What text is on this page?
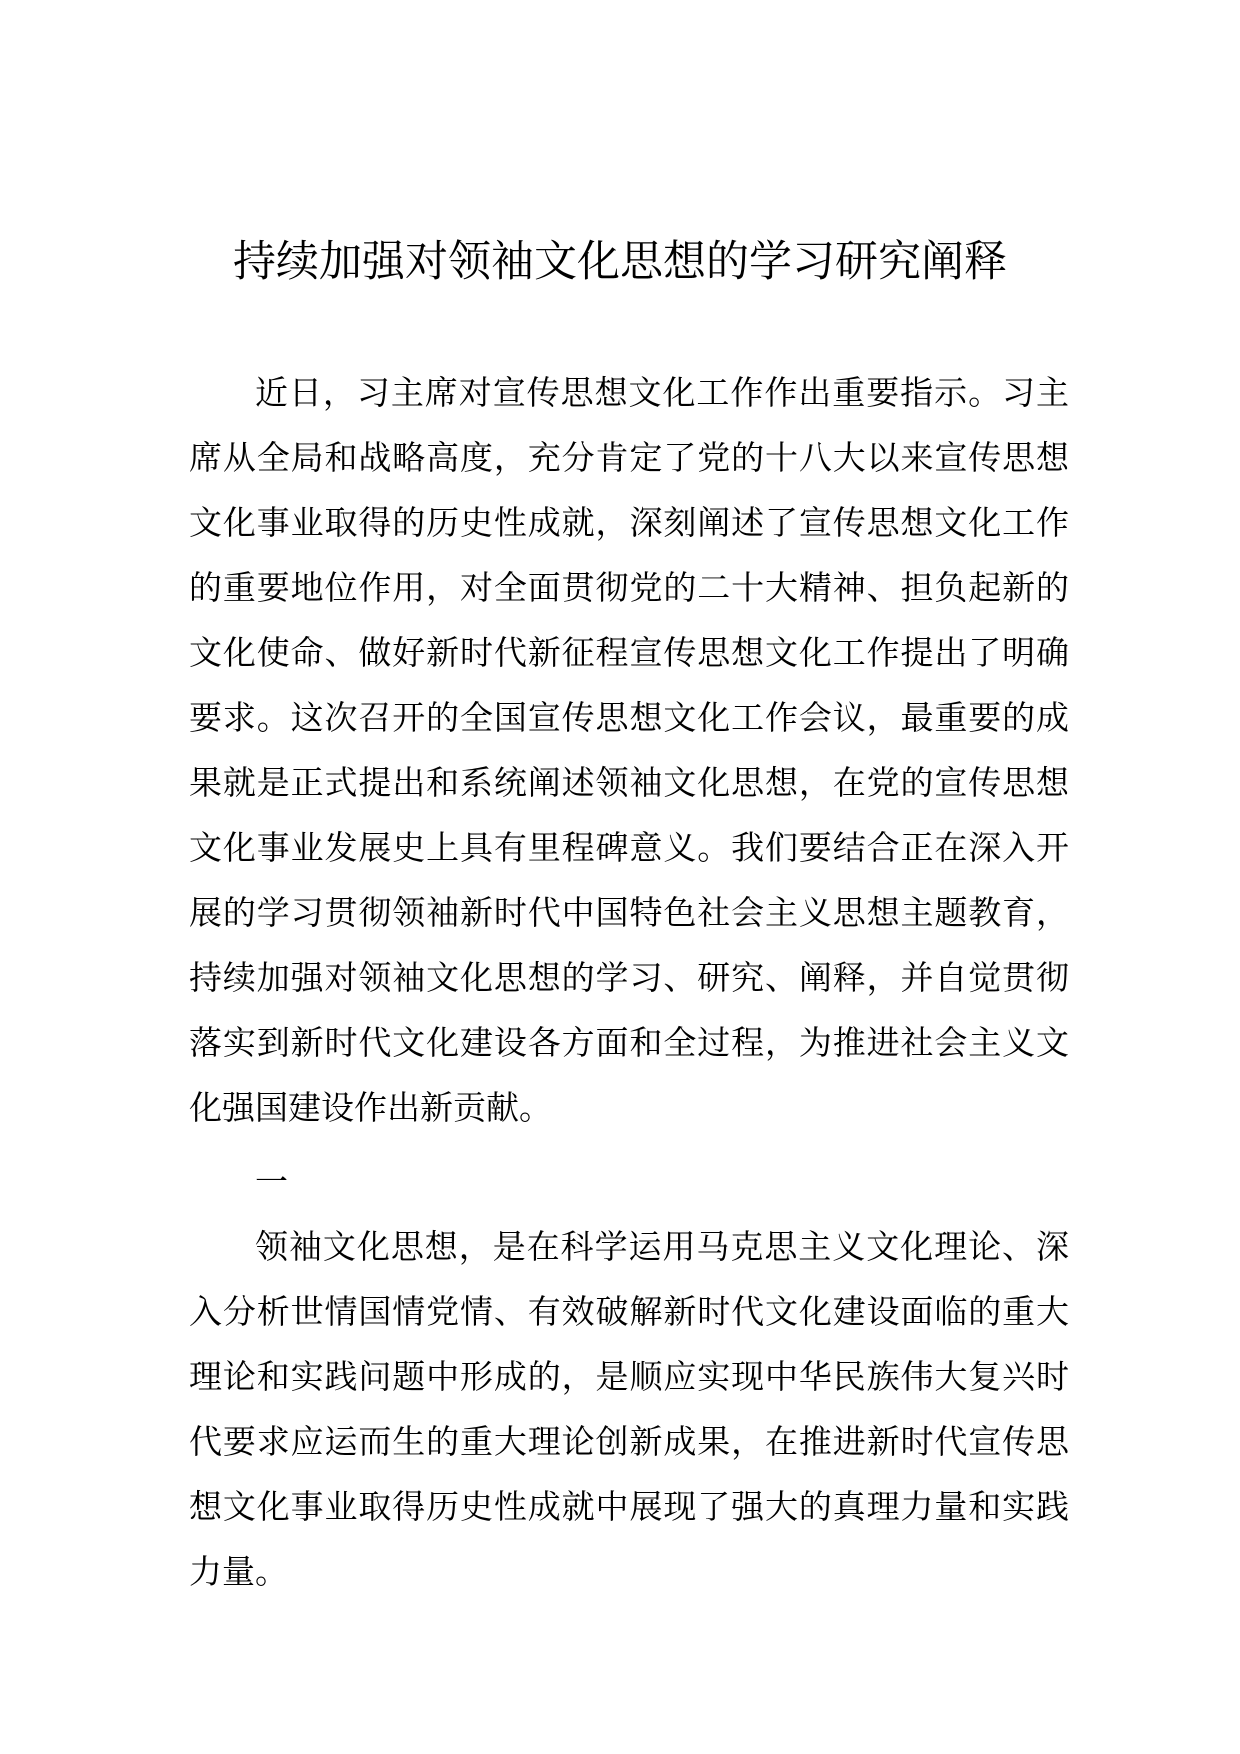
持续加强对领袖文化思想的学习研究阐释

近日，习主席对宣传思想文化工作作出重要指示。习主席从全局和战略高度，充分肯定了党的十八大以来宣传思想文化事业取得的历史性成就，深刻阐述了宣传思想文化工作的重要地位作用，对全面贯彻党的二十大精神、担负起新的文化使命、做好新时代新征程宣传思想文化工作提出了明确要求。这次召开的全国宣传思想文化工作会议，最重要的成果就是正式提出和系统阐述领袖文化思想，在党的宣传思想文化事业发展史上具有里程碑意义。我们要结合正在深入开展的学习贯彻领袖新时代中国特色社会主义思想主题教育，持续加强对领袖文化思想的学习、研究、阐释，并自觉贯彻落实到新时代文化建设各方面和全过程，为推进社会主义文化强国建设作出新贡献。

一

领袖文化思想，是在科学运用马克思主义文化理论、深入分析世情国情党情、有效破解新时代文化建设面临的重大理论和实践问题中形成的，是顺应实现中华民族伟大复兴时代要求应运而生的重大理论创新成果，在推进新时代宣传思想文化事业取得历史性成就中展现了强大的真理力量和实践力量。
